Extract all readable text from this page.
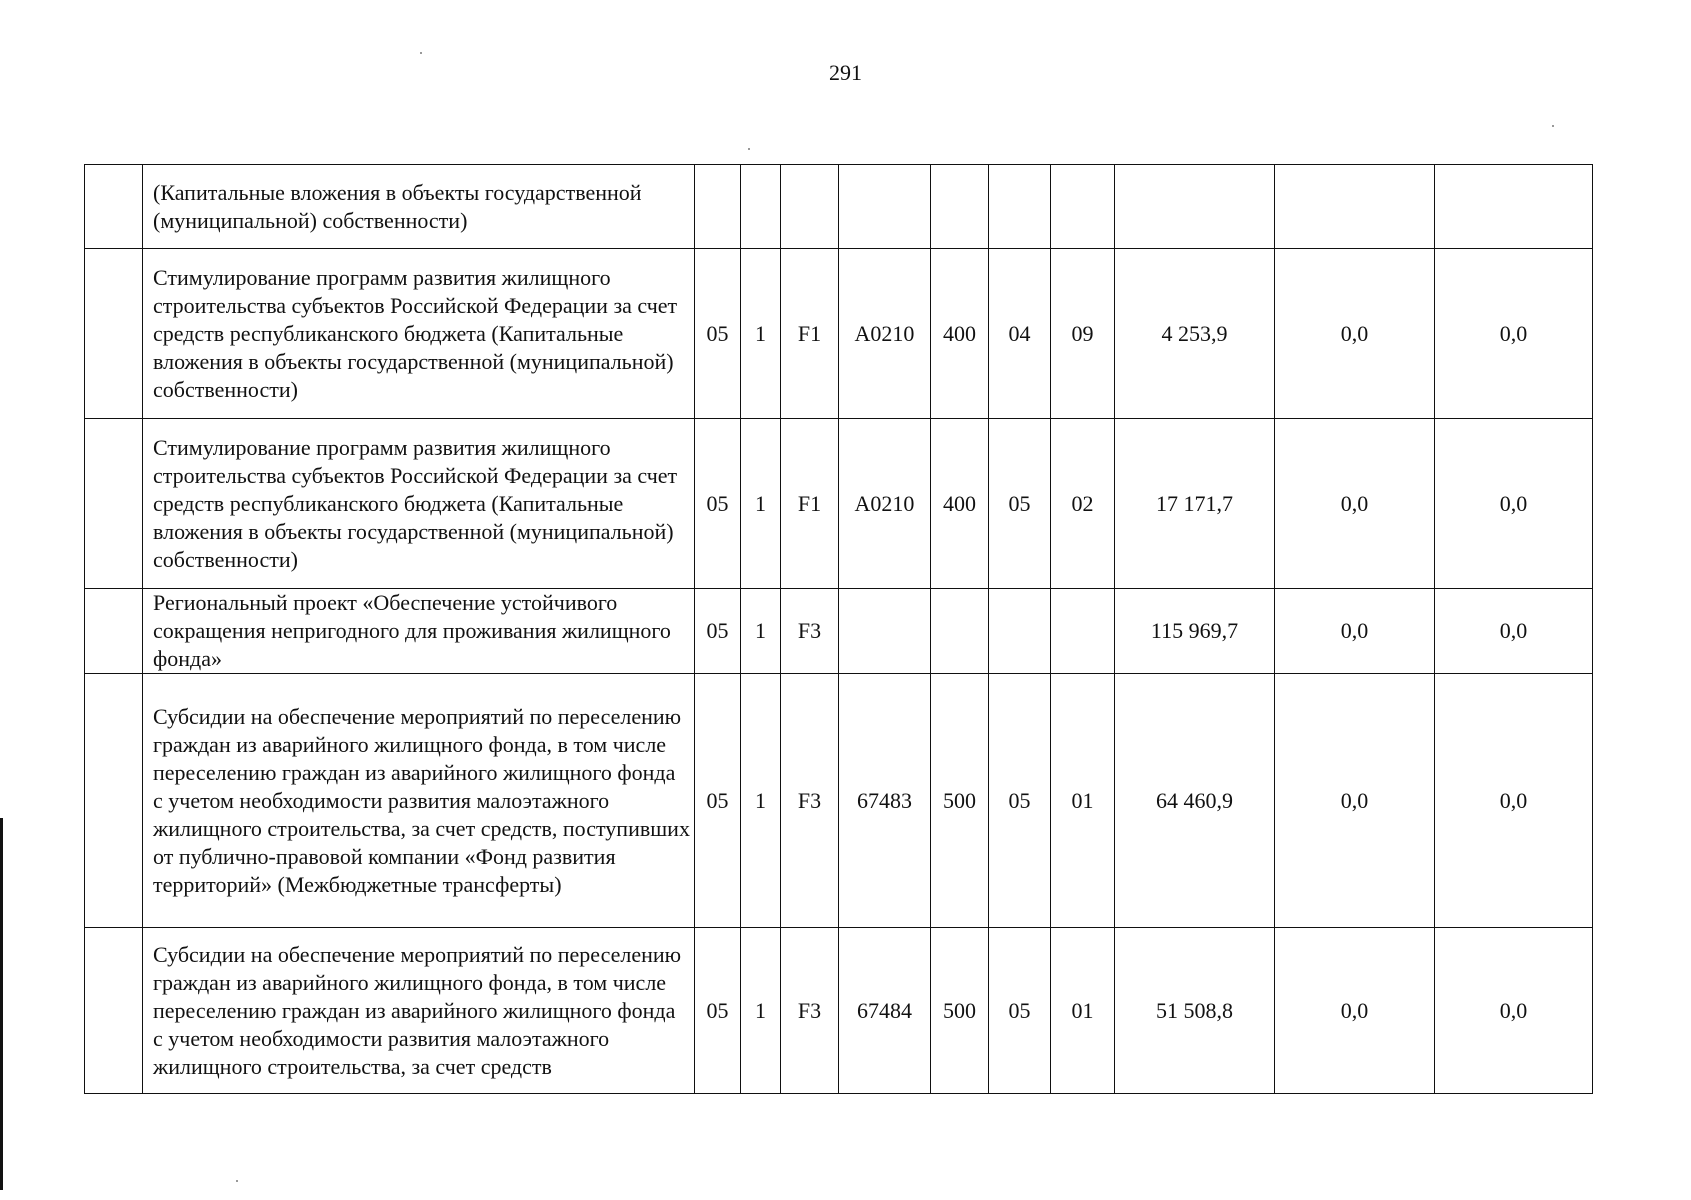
291
	(Капитальные вложения в объекты государственной (муниципальной) собственности)										
	Стимулирование программ развития жилищного строительства субъектов Российской Федерации за счет средств республиканского бюджета (Капитальные вложения в объекты государственной (муниципальной) собственности)	05	1	F1	A0210	400	04	09	4 253,9	0,0	0,0
	Стимулирование программ развития жилищного строительства субъектов Российской Федерации за счет средств республиканского бюджета (Капитальные вложения в объекты государственной (муниципальной) собственности)	05	1	F1	A0210	400	05	02	17 171,7	0,0	0,0
	Региональный проект «Обеспечение устойчивого сокращения непригодного для проживания жилищного фонда»	05	1	F3					115 969,7	0,0	0,0
	Субсидии на обеспечение мероприятий по переселению граждан из аварийного жилищного фонда, в том числе переселению граждан из аварийного жилищного фонда с учетом необходимости развития малоэтажного жилищного строительства, за счет средств, поступивших от публично-правовой компании «Фонд развития территорий» (Межбюджетные трансферты)	05	1	F3	67483	500	05	01	64 460,9	0,0	0,0
	Субсидии на обеспечение мероприятий по переселению граждан из аварийного жилищного фонда, в том числе переселению граждан из аварийного жилищного фонда с учетом необходимости развития малоэтажного жилищного строительства, за счет средств	05	1	F3	67484	500	05	01	51 508,8	0,0	0,0
